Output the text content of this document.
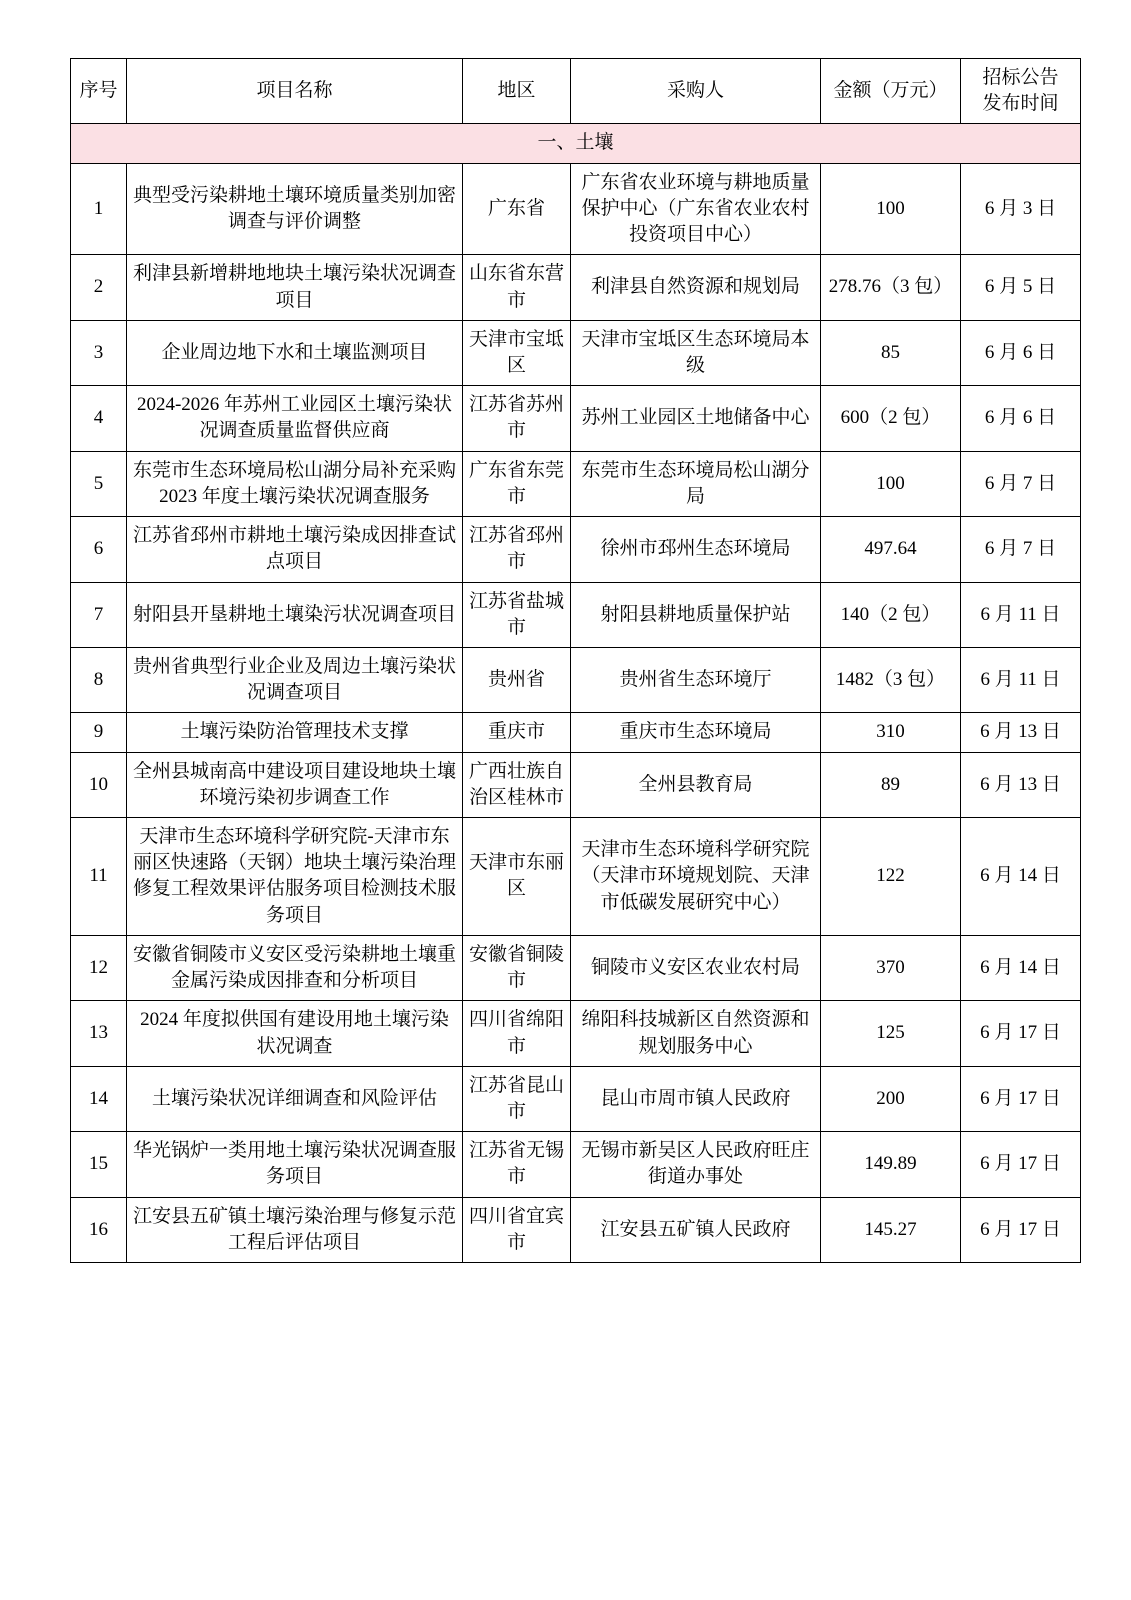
序号	项目名称	地区	采购人	金额（万元）	招标公告
发布时间

一、土壤					
1	典型受污染耕地土壤环境质量类别加密调查与评价调整	广东省	广东省农业环境与耕地质量保护中心（广东省农业农村投资项目中心）	100	6 月 3 日
2	利津县新增耕地地块土壤污染状况调查项目	山东省东营市	利津县自然资源和规划局	278.76（3 包）	6 月 5 日
3	企业周边地下水和土壤监测项目	天津市宝坻区	天津市宝坻区生态环境局本级	85	6 月 6 日
4	2024-2026 年苏州工业园区土壤污染状况调查质量监督供应商	江苏省苏州市	苏州工业园区土地储备中心	600（2 包）	6 月 6 日
5	东莞市生态环境局松山湖分局补充采购 2023 年度土壤污染状况调查服务	广东省东莞市	东莞市生态环境局松山湖分局	100	6 月 7 日
6	江苏省邳州市耕地土壤污染成因排查试点项目	江苏省邳州市	徐州市邳州生态环境局	497.64	6 月 7 日
7	射阳县开垦耕地土壤染污状况调查项目	江苏省盐城市	射阳县耕地质量保护站	140（2 包）	6 月 11 日
8	贵州省典型行业企业及周边土壤污染状况调查项目	贵州省	贵州省生态环境厅	1482（3 包）	6 月 11 日
9	土壤污染防治管理技术支撑	重庆市	重庆市生态环境局	310	6 月 13 日
10	全州县城南高中建设项目建设地块土壤环境污染初步调查工作	广西壮族自治区桂林市	全州县教育局	89	6 月 13 日
11	天津市生态环境科学研究院-天津市东丽区快速路（天钢）地块土壤污染治理修复工程效果评估服务项目检测技术服务项目	天津市东丽区	天津市生态环境科学研究院（天津市环境规划院、天津市低碳发展研究中心）	122	6 月 14 日
12	安徽省铜陵市义安区受污染耕地土壤重金属污染成因排查和分析项目	安徽省铜陵市	铜陵市义安区农业农村局	370	6 月 14 日
13	2024 年度拟供国有建设用地土壤污染状况调查	四川省绵阳市	绵阳科技城新区自然资源和规划服务中心	125	6 月 17 日
14	土壤污染状况详细调查和风险评估	江苏省昆山市	昆山市周市镇人民政府	200	6 月 17 日
15	华光锅炉一类用地土壤污染状况调查服务项目	江苏省无锡市	无锡市新吴区人民政府旺庄街道办事处	149.89	6 月 17 日
16	江安县五矿镇土壤污染治理与修复示范工程后评估项目	四川省宜宾市	江安县五矿镇人民政府	145.27	6 月 17 日
